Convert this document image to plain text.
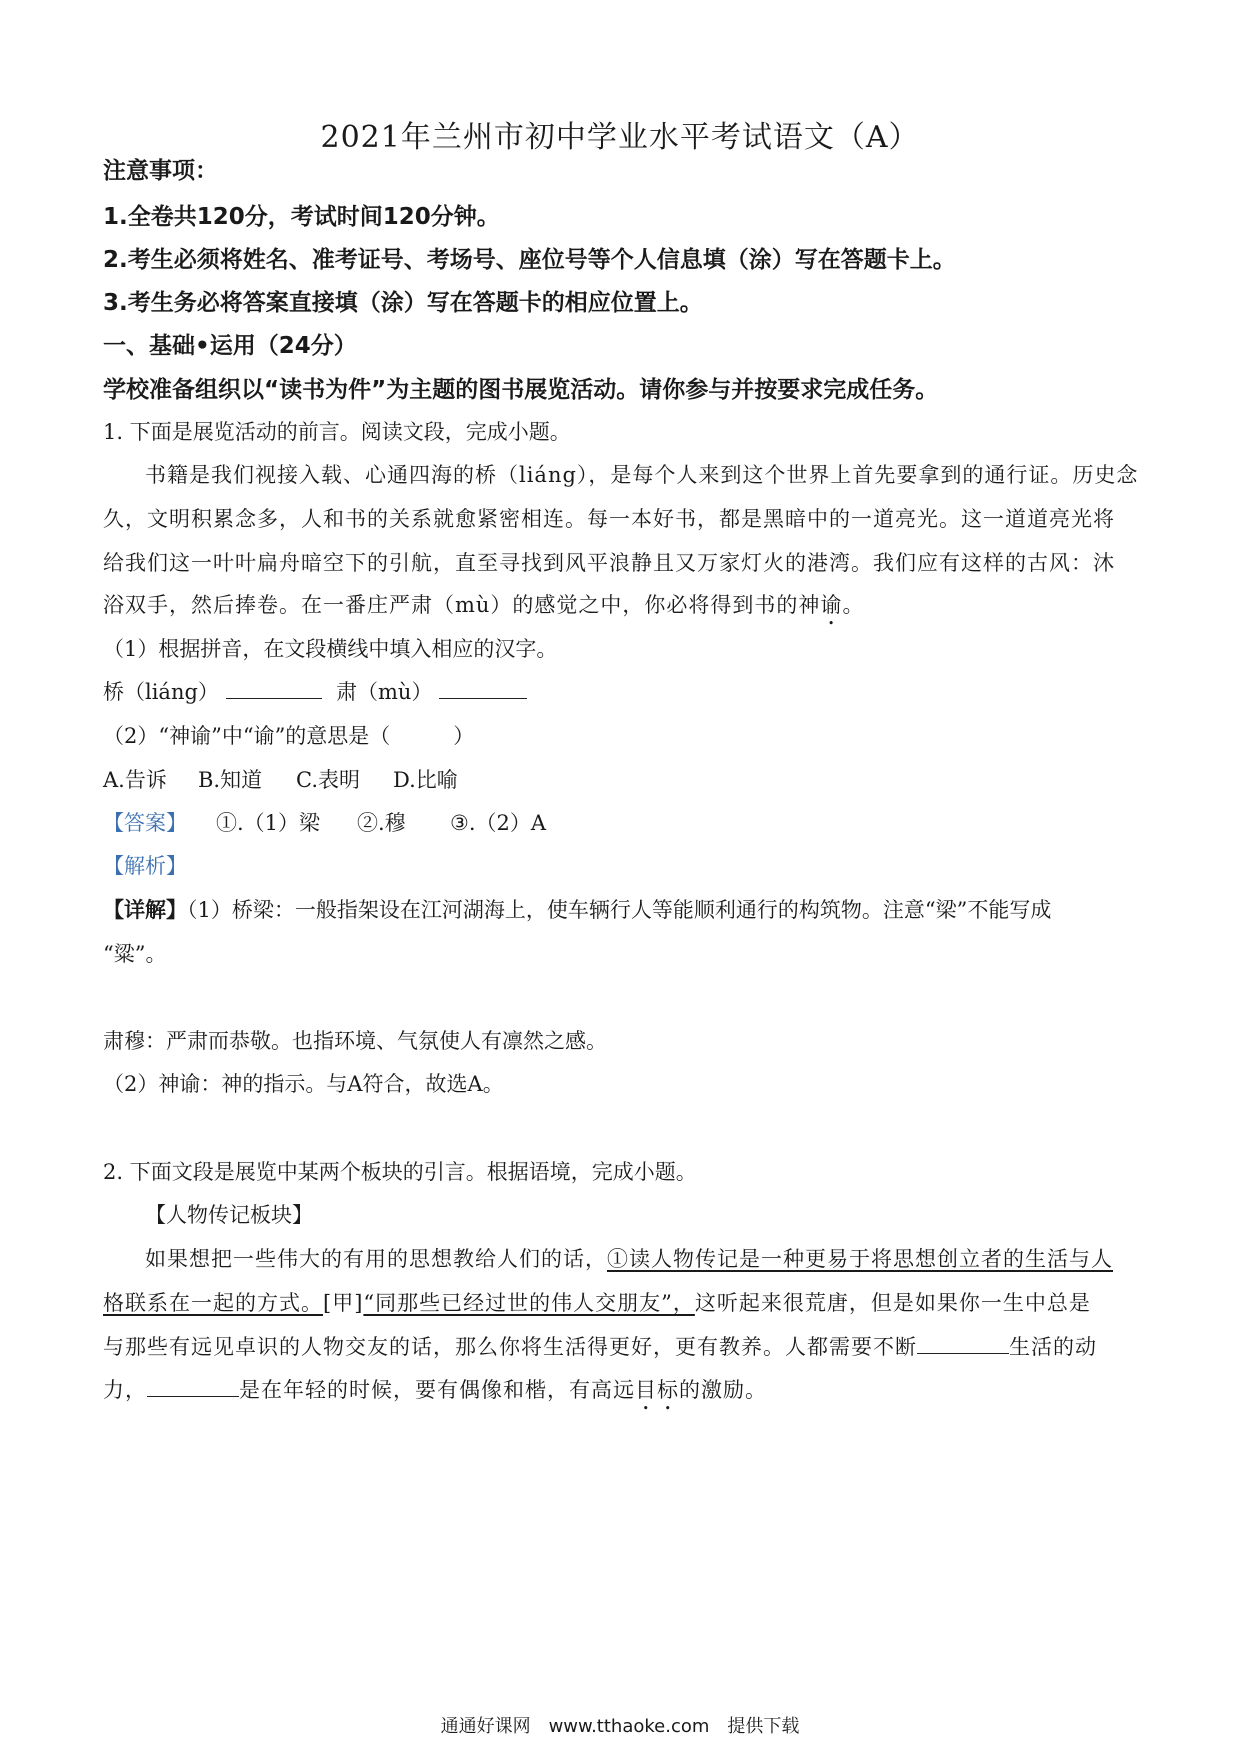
2021年兰州市初中学业水平考试语文（A）
注意事项：
1.全卷共120分，考试时间120分钟。
2.考生必须将姓名、准考证号、考场号、座位号等个人信息填（涂）写在答题卡上。
3.考生务必将答案直接填（涂）写在答题卡的相应位置上。
一、基础•运用（24分）
学校准备组织以“读书为件”为主题的图书展览活动。请你参与并按要求完成任务。
1. 下面是展览活动的前言。阅读文段，完成小题。
书籍是我们视接入载、心通四海的桥（liáng），是每个人来到这个世界上首先要拿到的通行证。历史念
久，文明积累念多，人和书的关系就愈紧密相连。每一本好书，都是黑暗中的一道亮光。这一道道亮光将
给我们这一叶叶扁舟暗空下的引航，直至寻找到风平浪静且又万家灯火的港湾。我们应有这样的古风：沐
浴双手，然后捧卷。在一番庄严肃（mù）的感觉之中，你必将得到书的神谕。
（1）根据拼音，在文段横线中填入相应的汉字。
桥（liáng）	肃（mù）
（2）“神谕”中“谕”的意思是（　　　）
A.告诉 B.知道 C.表明 D.比喻
【答案】 ①.（1）梁 ②.穆 ③.（2）A
【解析】
【详解】（1）桥梁：一般指架设在江河湖海上，使车辆行人等能顺利通行的构筑物。注意“梁”不能写成
“粱”。
肃穆：严肃而恭敬。也指环境、气氛使人有凛然之感。
（2）神谕：神的指示。与A符合，故选A。
2. 下面文段是展览中某两个板块的引言。根据语境，完成小题。
【人物传记板块】
如果想把一些伟大的有用的思想教给人们的话，①读人物传记是一种更易于将思想创立者的生活与人
格联系在一起的方式。[甲]“同那些已经过世的伟人交朋友”，这听起来很荒唐，但是如果你一生中总是
与那些有远见卓识的人物交友的话，那么你将生活得更好，更有教养。人都需要不断	生活的动
力，	是在年轻的时候，要有偶像和楷，有高远目标的激励。
通通好课网　www.tthaoke.com　提供下载
